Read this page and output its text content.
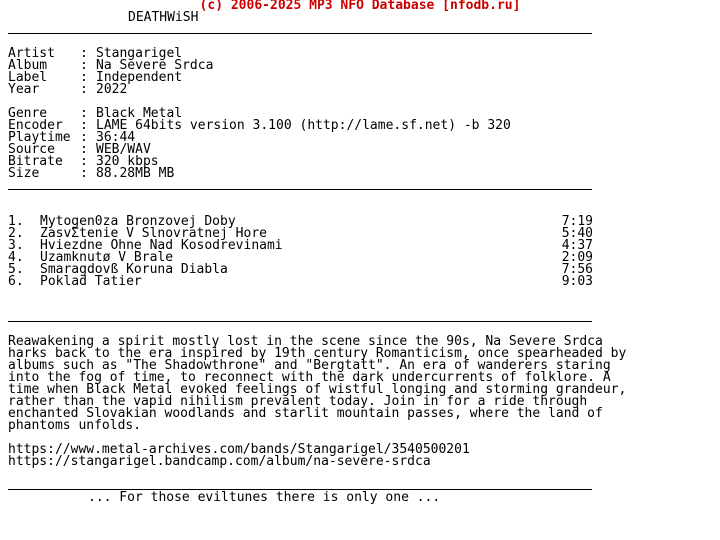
(c) 2006-2025 MP3 NFO Database [nfodb.ru]
DEATHWiSH
Artist : Stangarigel
Album	: Na Severe Srdca
Label	: Independent
Year	: 2022
Genre	: Black Metal
Encoder : LAME 64bits version 3.100 (http://lame.sf.net) -b 320
Playtime : 36:44
Source : WEB/WAV
Bitrate : 320 kbps
Size	: 88.28MB MB
1. Mytogen0za Bronzovej Doby	7:19
2. ZasvΣtenie V Slnovratnej Hore	5:40
3. Hviezdne Ohne Nad Kosodrevinami	4:37
4. Uzamknutø V Brale	2:09
5. Smaragdovß Koruna Diabla	7:56
6. Poklad Tatier	9:03
Reawakening a spirit mostly lost in the scene since the 90s, Na Severe Srdca
harks back to the era inspired by 19th century Romanticism, once spearheaded by
albums such as "The Shadowthrone" and "Bergtatt". An era of wanderers staring
into the fog of time, to reconnect with the dark undercurrents of folklore. A
time when Black Metal evoked feelings of wistful longing and storming grandeur,
rather than the vapid nihilism prevalent today. Join in for a ride through
enchanted Slovakian woodlands and starlit mountain passes, where the land of
phantoms unfolds.
https://www.metal-archives.com/bands/Stangarigel/3540500201
https://stangarigel.bandcamp.com/album/na-severe-srdca
... For those eviltunes there is only one ...
